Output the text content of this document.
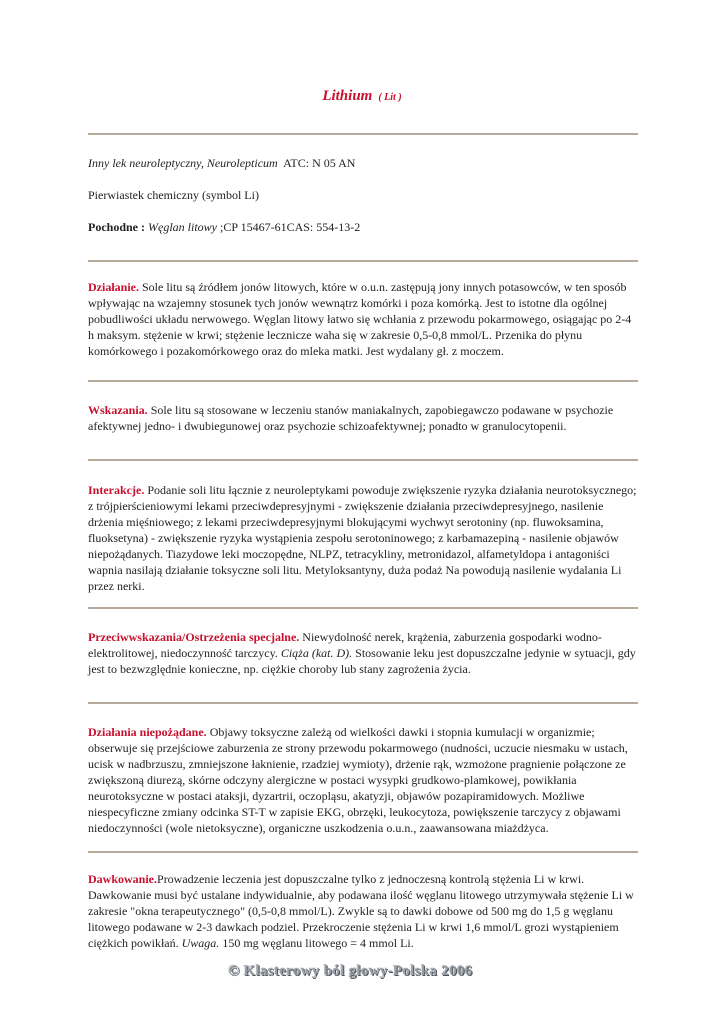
Lithium ( Lit )
Inny lek neuroleptyczny, Neurolepticum ATC: N 05 AN
Pierwiastek chemiczny (symbol Li)
Pochodne : Węglan litowy ;CP 15467-61CAS: 554-13-2
Działanie. Sole litu są źródłem jonów litowych, które w o.u.n. zastępują jony innych potasowców, w ten sposób wpływając na wzajemny stosunek tych jonów wewnątrz komórki i poza komórką. Jest to istotne dla ogólnej pobudliwości układu nerwowego. Węglan litowy łatwo się wchłania z przewodu pokarmowego, osiągając po 2-4 h maksym. stężenie w krwi; stężenie lecznicze waha się w zakresie 0,5-0,8 mmol/L. Przenika do płynu komórkowego i pozakomórkowego oraz do mleka matki. Jest wydalany gł. z moczem.
Wskazania. Sole litu są stosowane w leczeniu stanów maniakalnych, zapobiegawczo podawane w psychozie afektywnej jedno- i dwubiegunowej oraz psychozie schizoafektywnej; ponadto w granulocytopenii.
Interakcje. Podanie soli litu łącznie z neuroleptykami powoduje zwiększenie ryzyka działania neurotoksycznego; z trójpierścieniowymi lekami przeciwdepresyjnymi - zwiększenie działania przeciwdepresyjnego, nasilenie drżenia mięśniowego; z lekami przeciwdepresyjnymi blokującymi wychwyt serotoniny (np. fluwoksamina, fluoksetyna) - zwiększenie ryzyka wystąpienia zespołu serotoninowego; z karbamazepiną - nasilenie objawów niepożądanych. Tiazydowe leki moczopędne, NLPZ, tetracykliny, metronidazol, alfametyldopa i antagoniści wapnia nasilają działanie toksyczne soli litu. Metyloksantyny, duża podaż Na powodują nasilenie wydalania Li przez nerki.
Przeciwwskazania/Ostrzeżenia specjalne. Niewydolność nerek, krążenia, zaburzenia gospodarki wodno-elektrolitowej, niedoczynność tarczycy. Ciąża (kat. D). Stosowanie leku jest dopuszczalne jedynie w sytuacji, gdy jest to bezwzględnie konieczne, np. ciężkie choroby lub stany zagrożenia życia.
Działania niepożądane. Objawy toksyczne zależą od wielkości dawki i stopnia kumulacji w organizmie; obserwuje się przejściowe zaburzenia ze strony przewodu pokarmowego (nudności, uczucie niesmaku w ustach, ucisk w nadbrzuszu, zmniejszone łaknienie, rzadziej wymioty), drżenie rąk, wzmożone pragnienie połączone ze zwiększoną diurezą, skórne odczyny alergiczne w postaci wysypki grudkowo-plamkowej, powikłania neurotoksyczne w postaci ataksji, dyzartrii, oczopląsu, akatyzji, objawów pozapiramidowych. Możliwe niespecyficzne zmiany odcinka ST-T w zapisie EKG, obrzęki, leukocytoza, powiększenie tarczycy z objawami niedoczynności (wole nietoksyczne), organiczne uszkodzenia o.u.n., zaawansowana miażdżyca.
Dawkowanie.Prowadzenie leczenia jest dopuszczalne tylko z jednoczesną kontrolą stężenia Li w krwi. Dawkowanie musi być ustalane indywidualnie, aby podawana ilość węglanu litowego utrzymywała stężenie Li w zakresie "okna terapeutycznego" (0,5-0,8 mmol/L). Zwykle są to dawki dobowe od 500 mg do 1,5 g węglanu litowego podawane w 2-3 dawkach podziel. Przekroczenie stężenia Li w krwi 1,6 mmol/L grozi wystąpieniem ciężkich powikłań. Uwaga. 150 mg węglanu litowego = 4 mmol Li.
© Klasterowy ból głowy-Polska 2006
